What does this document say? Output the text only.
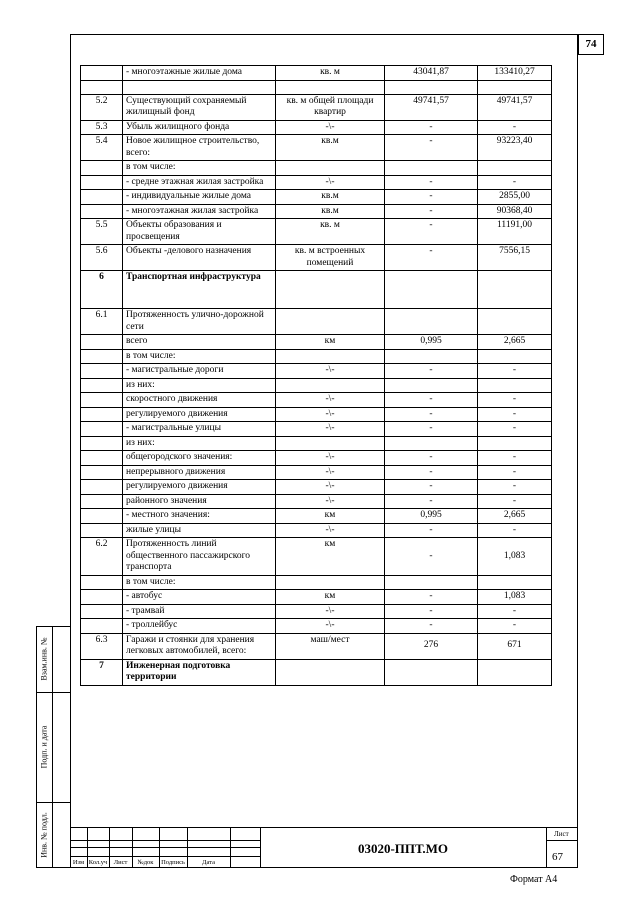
74
	- многоэтажные жилые дома	кв. м	43041,87	133410,27

5.2	Существующий сохраняемый жилищный фонд	кв. м общей площади квартир	49741,57	49741,57
5.3	Убыль жилищного фонда	-\-	-	-
5.4	Новое жилищное строительство, всего:	кв.м	-	93223,40
	в том числе:			
	- средне этажная жилая застройка	-\-	-	-
	- индивидуальные жилые дома	кв.м	-	2855,00
	- многоэтажная жилая застройка	кв.м	-	90368,40
5.5	Объекты образования и просвещения	кв. м	-	11191,00
5.6	Объекты -делового назначения	кв. м встроенных помещений	-	7556,15
6	Транспортная инфраструктура			
6.1	Протяженность улично-дорожной сети			
	всего	км	0,995	2,665
	в том числе:			
	- магистральные дороги	-\-	-	-
	из них:			
	скоростного движения	-\-	-	-
	регулируемого движения	-\-	-	-
	- магистральные улицы	-\-	-	-
	из них:			
	общегородского значения:	-\-	-	-
	непрерывного движения	-\-	-	-
	регулируемого движения	-\-	-	-
	районного значения	-\-	-	-
	- местного значения:	км	0,995	2,665
	жилые улицы	-\-	-	-
6.2	Протяженность линий общественного пассажирского транспорта	км	-	1,083
	в том числе:			
	- автобус	км	-	1,083
	- трамвай	-\-	-	-
	- троллейбус	-\-	-	-
6.3	Гаражи и стоянки для хранения легковых автомобилей, всего:	маш/мест	276	671
7	Инженерная подготовка территории			
Взам.инв. №
Подп. и дата
Инв. № подл.
Изм Кол.уч Лист	№док	Подпись	Дата
03020-ППТ.МО
Лист
67
Формат А4
